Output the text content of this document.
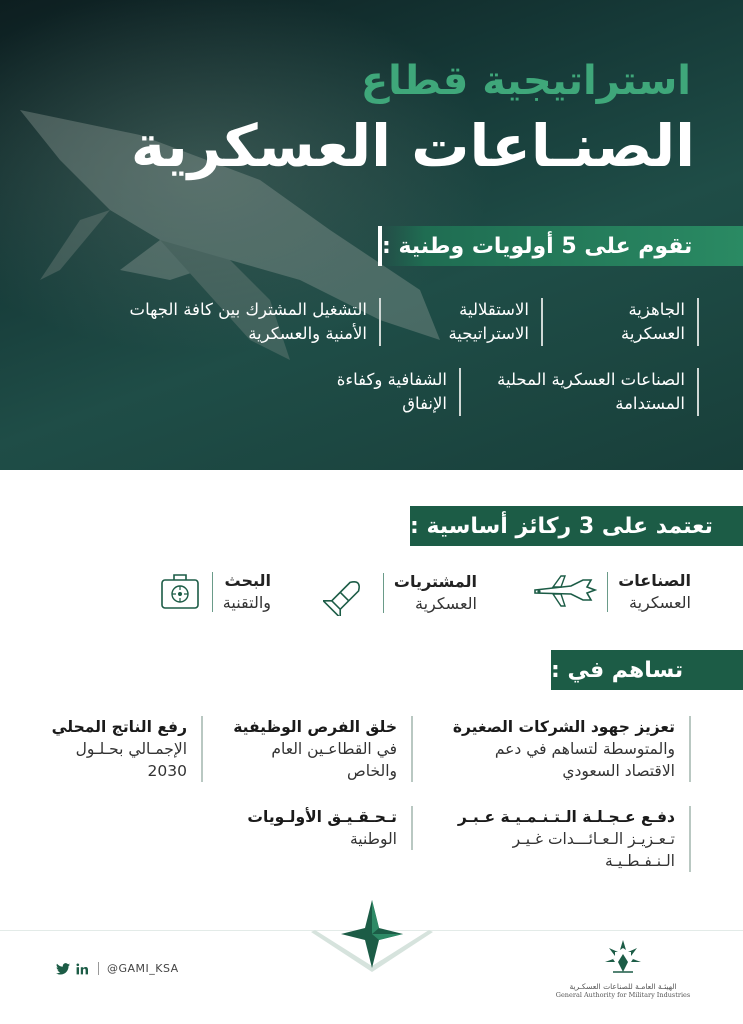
استراتيجية قطاع
الصنـاعات العسكرية
تقوم على 5 أولويات وطنية :
الجاهزية
العسكرية
الاستقلالية
الاستراتيجية
التشغيل المشترك بين كافة الجهات
الأمنية والعسكرية
الصناعات العسكرية المحلية
المستدامة
الشفافية وكفاءة
الإنفاق
تعتمد على 3 ركائز أساسية :
الصناعات
العسكرية
المشتريات
العسكرية
البحث
والتقنية
تساهم في :
تعزيز جهود الشركات الصغيرة
والمتوسطة لتساهم في دعم
الاقتصاد السعودي
خلق الفرص الوظيفية
في القطاعـين العام
والخاص
رفع الناتج المحلي
الإجمـالي بحـلـول
2030
دفـع عـجـلـة الـتـنـمـيـة عـبـر
تـعـزيـز الـعـائـــدات غـيـر
الـنـفـطـيـة
تـحـقـيـق الأولـويات
الوطنية
@GAMI_KSA
الهيئـة العامـة للصناعات العسكـرية
General Authority for Military Industries
